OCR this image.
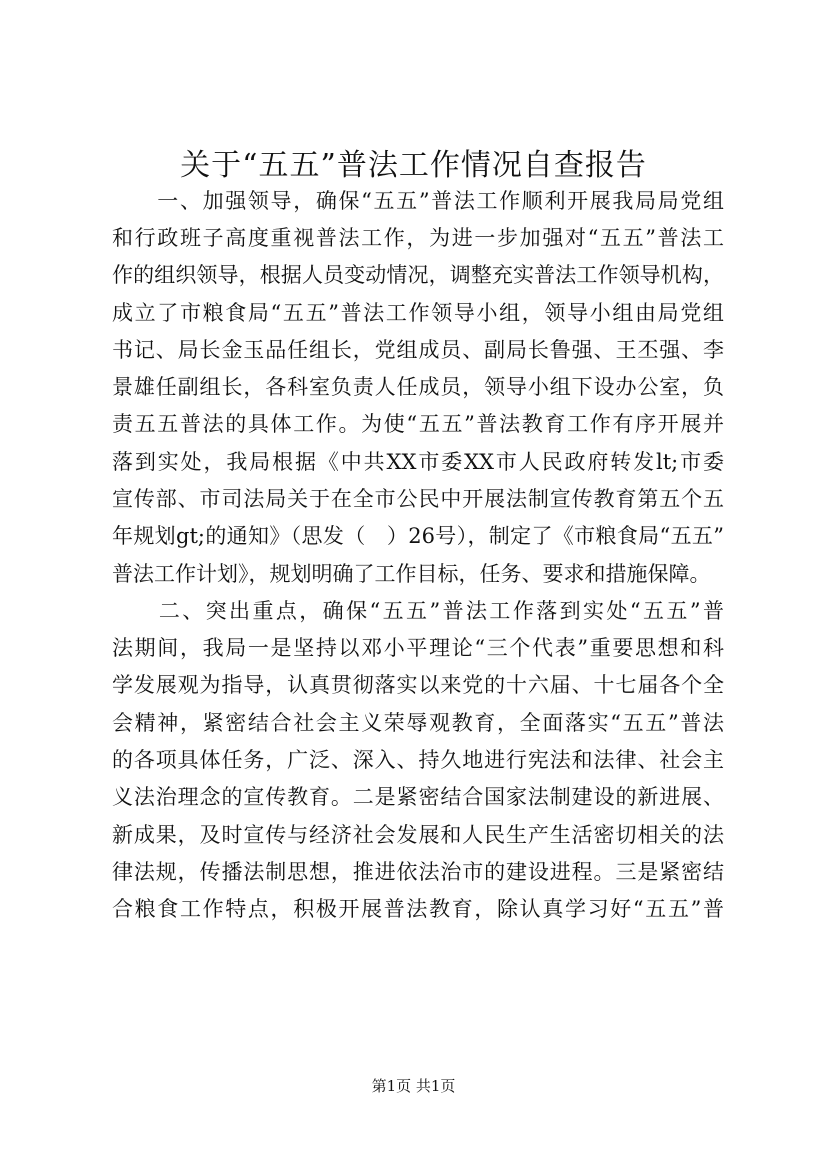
关于“五五”普法工作情况自查报告
　　一、加强领导，确保“五五”普法工作顺利开展我局局党组
和行政班子高度重视普法工作，为进一步加强对“五五”普法工
作的组织领导，根据人员变动情况，调整充实普法工作领导机构，
成立了市粮食局“五五”普法工作领导小组，领导小组由局党组
书记、局长金玉品任组长，党组成员、副局长鲁强、王丕强、李
景雄任副组长，各科室负责人任成员，领导小组下设办公室，负
责五五普法的具体工作。为使“五五”普法教育工作有序开展并
落到实处，我局根据《中共XX市委XX市人民政府转发lt;市委
宣传部、市司法局关于在全市公民中开展法制宣传教育第五个五
年规划gt;的通知》（思发（　）26号），制定了《市粮食局“五五”
普法工作计划》，规划明确了工作目标，任务、要求和措施保障。
　　二、突出重点，确保“五五”普法工作落到实处“五五”普
法期间，我局一是坚持以邓小平理论“三个代表”重要思想和科
学发展观为指导，认真贯彻落实以来党的十六届、十七届各个全
会精神，紧密结合社会主义荣辱观教育，全面落实“五五”普法
的各项具体任务，广泛、深入、持久地进行宪法和法律、社会主
义法治理念的宣传教育。二是紧密结合国家法制建设的新进展、
新成果，及时宣传与经济社会发展和人民生产生活密切相关的法
律法规，传播法制思想，推进依法治市的建设进程。三是紧密结
合粮食工作特点，积极开展普法教育，除认真学习好“五五”普
第1页 共1页
